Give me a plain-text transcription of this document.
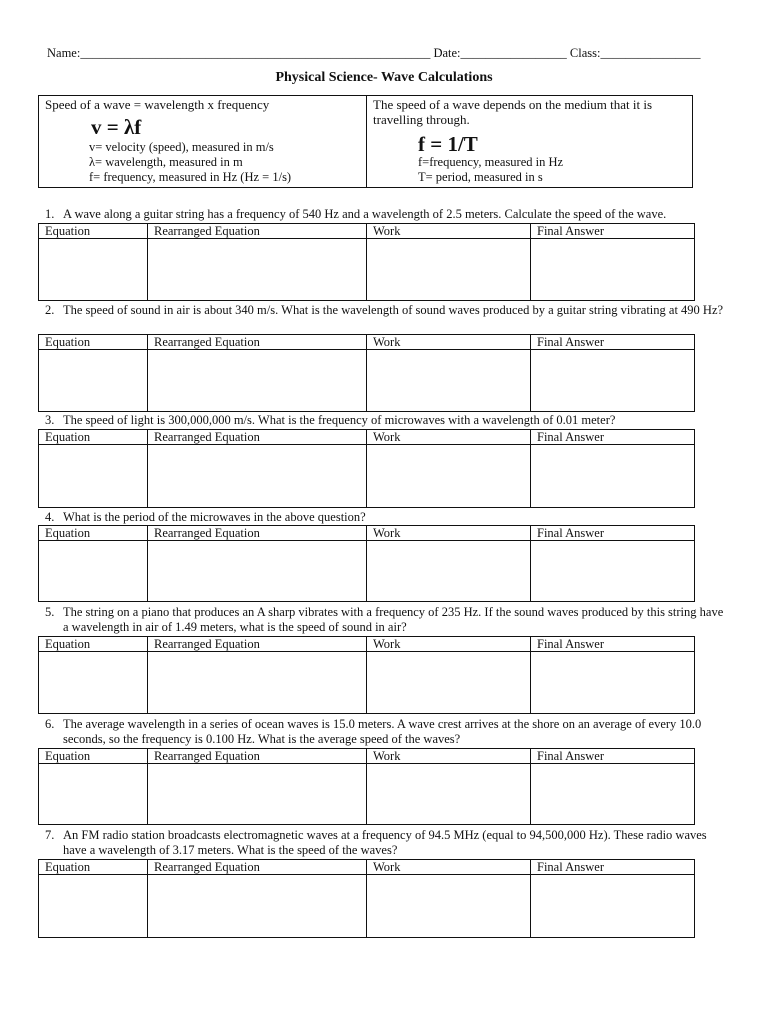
Name:________________________________________________________ Date:_________________ Class:________________
Physical Science- Wave Calculations
Speed of a wave = wavelength x frequency
v = λf
v= velocity (speed), measured in m/s
λ= wavelength, measured in m
f= frequency, measured in Hz (Hz = 1/s)
The speed of a wave depends on the medium that it is
travelling through.
f = 1/T
f=frequency, measured in Hz
T= period, measured in s
1. A wave along a guitar string has a frequency of 540 Hz and a wavelength of 2.5 meters. Calculate the speed of the wave.
Equation	Rearranged Equation	Work	Final Answer

2. The speed of sound in air is about 340 m/s. What is the wavelength of sound waves produced by a guitar string vibrating at 490 Hz?
Equation	Rearranged Equation	Work	Final Answer

3. The speed of light is 300,000,000 m/s. What is the frequency of microwaves with a wavelength of 0.01 meter?
Equation	Rearranged Equation	Work	Final Answer

4. What is the period of the microwaves in the above question?
Equation	Rearranged Equation	Work	Final Answer

5. The string on a piano that produces an A sharp vibrates with a frequency of 235 Hz. If the sound waves produced by this string have a wavelength in air of 1.49 meters, what is the speed of sound in air?
Equation	Rearranged Equation	Work	Final Answer

6. The average wavelength in a series of ocean waves is 15.0 meters. A wave crest arrives at the shore on an average of every 10.0 seconds, so the frequency is 0.100 Hz. What is the average speed of the waves?
Equation	Rearranged Equation	Work	Final Answer

7. An FM radio station broadcasts electromagnetic waves at a frequency of 94.5 MHz (equal to 94,500,000 Hz). These radio waves have a wavelength of 3.17 meters. What is the speed of the waves?
Equation	Rearranged Equation	Work	Final Answer
